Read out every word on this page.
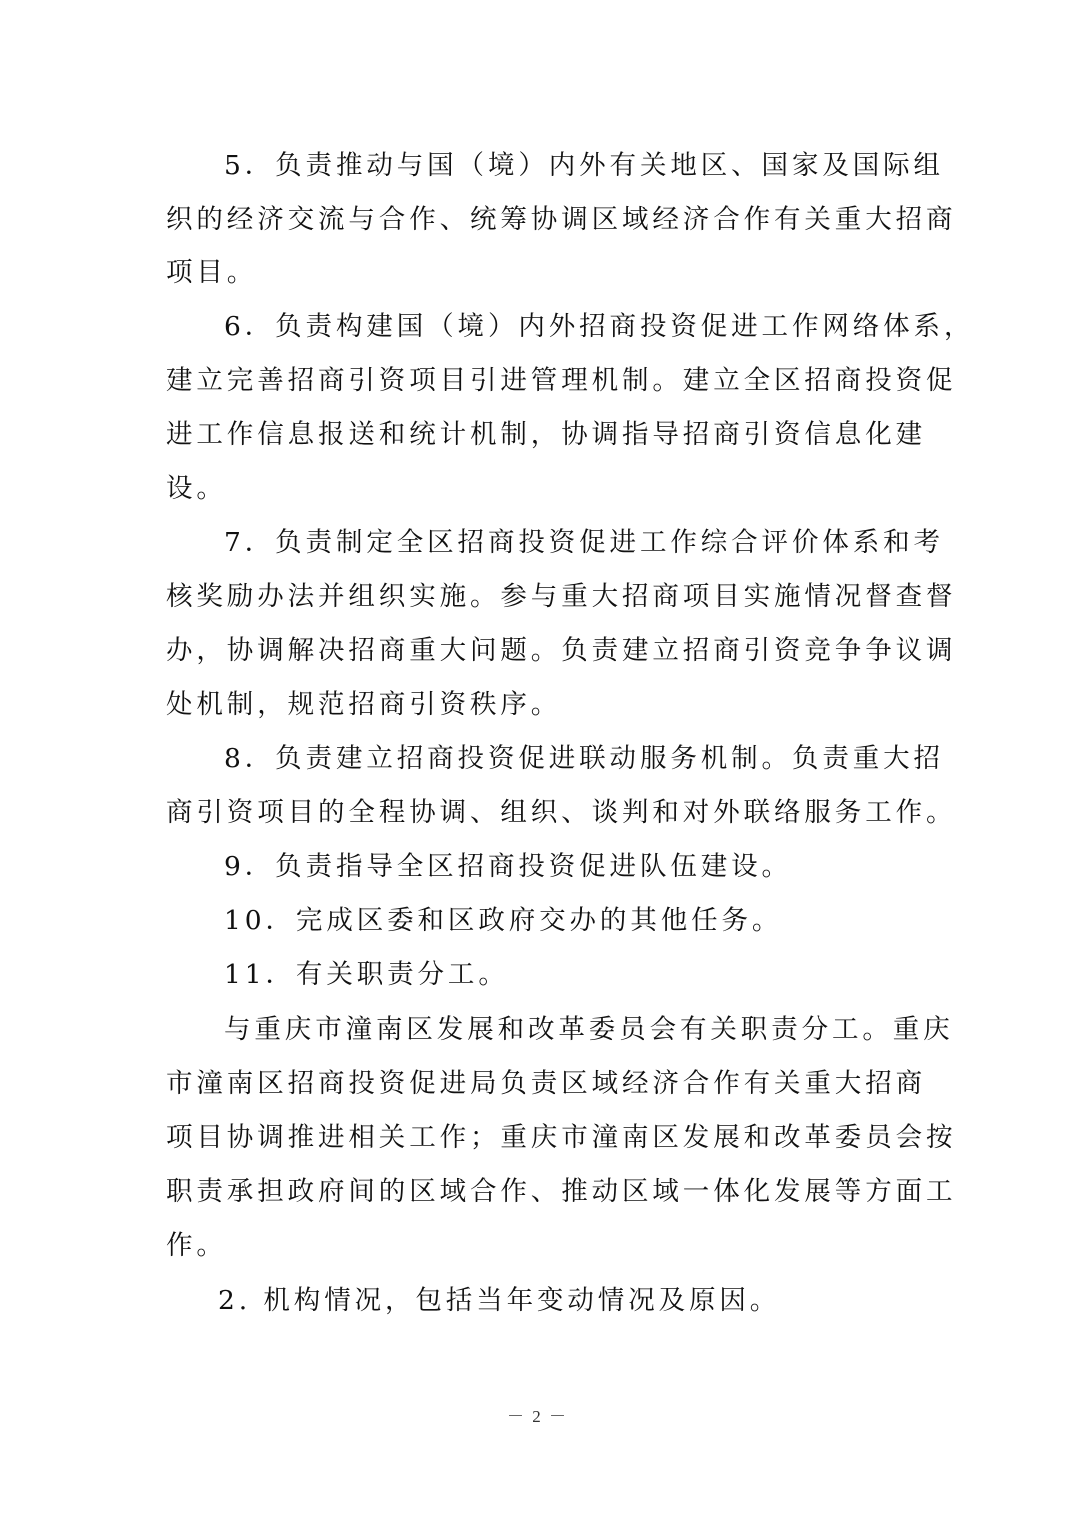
5．负责推动与国（境）内外有关地区、国家及国际组
织的经济交流与合作、统筹协调区域经济合作有关重大招商
项目。
6．负责构建国（境）内外招商投资促进工作网络体系，
建立完善招商引资项目引进管理机制。建立全区招商投资促
进工作信息报送和统计机制，协调指导招商引资信息化建
设。
7．负责制定全区招商投资促进工作综合评价体系和考
核奖励办法并组织实施。参与重大招商项目实施情况督查督
办，协调解决招商重大问题。负责建立招商引资竞争争议调
处机制，规范招商引资秩序。
8．负责建立招商投资促进联动服务机制。负责重大招
商引资项目的全程协调、组织、谈判和对外联络服务工作。
9．负责指导全区招商投资促进队伍建设。
10．完成区委和区政府交办的其他任务。
11．有关职责分工。
与重庆市潼南区发展和改革委员会有关职责分工。重庆
市潼南区招商投资促进局负责区域经济合作有关重大招商
项目协调推进相关工作；重庆市潼南区发展和改革委员会按
职责承担政府间的区域合作、推动区域一体化发展等方面工
作。
2. 机构情况，包括当年变动情况及原因。
－ 2 －
